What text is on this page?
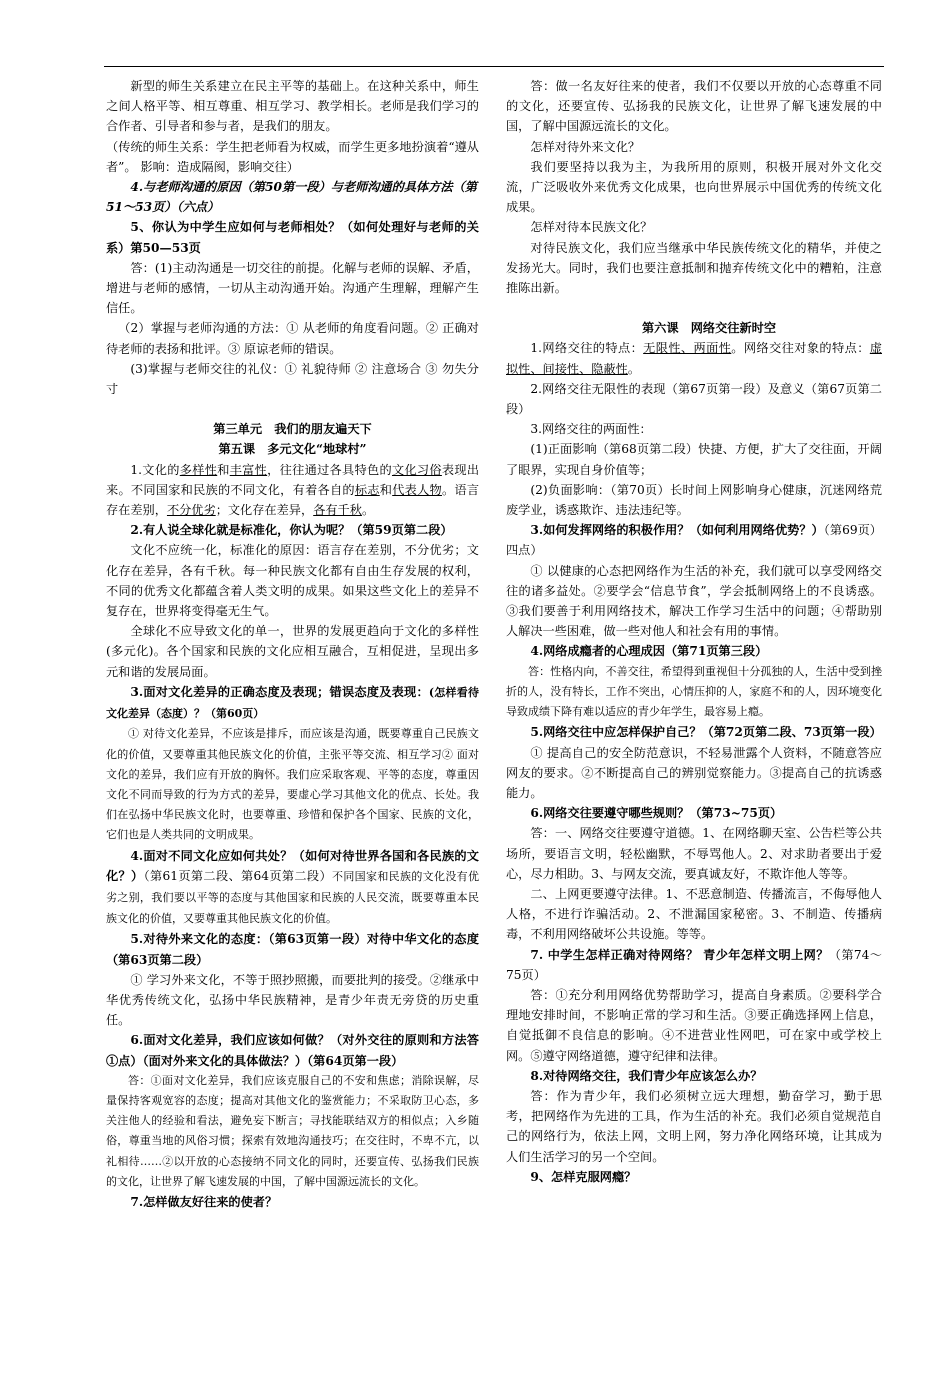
新型的师生关系建立在民主平等的基础上。在这种关系中，师生之间人格平等、相互尊重、相互学习、教学相长。老师是我们学习的合作者、引导者和参与者，是我们的朋友。

（传统的师生关系：学生把老师看为权威，而学生更多地扮演着“遵从者”。 影响：造成隔阂，影响交往）

4.与老师沟通的原因（第50第一段）与老师沟通的具体方法（第51～53页）（六点）

5、你认为中学生应如何与老师相处？（如何处理好与老师的关系）第50—53页

答：(1)主动沟通是一切交往的前提。化解与老师的误解、矛盾，增进与老师的感情，一切从主动沟通开始。沟通产生理解，理解产生信任。

（2）掌握与老师沟通的方法：① 从老师的角度看问题。② 正确对待老师的表扬和批评。③ 原谅老师的错误。

(3)掌握与老师交往的礼仪：① 礼貌待师 ② 注意场合 ③ 勿失分寸

第三单元　我们的朋友遍天下

第五课　多元文化“地球村”

1.文化的多样性和丰富性，往往通过各具特色的文化习俗表现出来。不同国家和民族的不同文化，有着各自的标志和代表人物。语言存在差别，不分优劣；文化存在差异，各有千秋。

2.有人说全球化就是标准化，你认为呢？（第59页第二段）

文化不应统一化，标准化的原因：语言存在差别，不分优劣；文化存在差异，各有千秋。每一种民族文化都有自由生存发展的权利，不同的优秀文化都蕴含着人类文明的成果。如果这些文化上的差异不复存在，世界将变得毫无生气。

全球化不应导致文化的单一，世界的发展更趋向于文化的多样性(多元化)。各个国家和民族的文化应相互融合，互相促进，呈现出多元和谐的发展局面。

3.面对文化差异的正确态度及表现；错误态度及表现：(怎样看待文化差异（态度）？（第60页）

① 对待文化差异，不应该是排斥，而应该是沟通，既要尊重自己民族文化的价值，又要尊重其他民族文化的价值，主张平等交流、相互学习② 面对文化的差异，我们应有开放的胸怀。我们应采取客观、平等的态度，尊重因文化不同而导致的行为方式的差异，要虚心学习其他文化的优点、长处。我们在弘扬中华民族文化时，也要尊重、珍惜和保护各个国家、民族的文化，它们也是人类共同的文明成果。

4.面对不同文化应如何共处？（如何对待世界各国和各民族的文化？）（第61页第二段、第64页第二段）不同国家和民族的文化没有优劣之别，我们要以平等的态度与其他国家和民族的人民交流，既要尊重本民族文化的价值，又要尊重其他民族文化的价值。

5.对待外来文化的态度：（第63页第一段）对待中华文化的态度（第63页第二段）

① 学习外来文化，不等于照抄照搬，而要批判的接受。②继承中华优秀传统文化，弘扬中华民族精神，是青少年责无旁贷的历史重任。

6.面对文化差异，我们应该如何做？（对外交往的原则和方法答①点）（面对外来文化的具体做法？）（第64页第一段）

答：①面对文化差异，我们应该克服自己的不安和焦虑；消除误解，尽量保持客观宽容的态度；提高对其他文化的鉴赏能力；不采取防卫心态，多关注他人的经验和看法，避免妄下断言；寻找能联结双方的相似点；入乡随俗，尊重当地的风俗习惯；探索有效地沟通技巧；在交往时，不卑不亢，以礼相待……②以开放的心态接纳不同文化的同时，还要宣传、弘扬我们民族的文化，让世界了解飞速发展的中国，了解中国源远流长的文化。

7.怎样做友好往来的使者？

答：做一名友好往来的使者，我们不仅要以开放的心态尊重不同的文化，还要宣传、弘扬我的民族文化，让世界了解飞速发展的中国，了解中国源远流长的文化。

怎样对待外来文化？

我们要坚持以我为主，为我所用的原则，积极开展对外文化交流，广泛吸收外来优秀文化成果，也向世界展示中国优秀的传统文化成果。

怎样对待本民族文化？

对待民族文化，我们应当继承中华民族传统文化的精华，并使之发扬光大。同时，我们也要注意抵制和抛弃传统文化中的糟粕，注意推陈出新。

第六课　网络交往新时空

1.网络交往的特点：无限性、两面性。网络交往对象的特点：虚拟性、间接性、隐蔽性。

2.网络交往无限性的表现（第67页第一段）及意义（第67页第二段）

3.网络交往的两面性：

(1)正面影响（第68页第二段）快捷、方便，扩大了交往面，开阔了眼界，实现自身价值等；

(2)负面影响：（第70页）长时间上网影响身心健康，沉迷网络荒废学业，诱惑欺诈、违法违纪等。

3.如何发挥网络的积极作用？（如何利用网络优势？）（第69页）四点）

① 以健康的心态把网络作为生活的补充，我们就可以享受网络交往的诸多益处。②要学会“信息节食”，学会抵制网络上的不良诱惑。③我们要善于利用网络技术，解决工作学习生活中的问题；④帮助别人解决一些困难，做一些对他人和社会有用的事情。

4.网络成瘾者的心理成因（第71页第三段）

答：性格内向，不善交往，希望得到重视但十分孤独的人，生活中受到挫折的人，没有特长，工作不突出，心情压抑的人，家庭不和的人，因环境变化导致成绩下降有难以适应的青少年学生，最容易上瘾。

5.网络交往中应怎样保护自己？（第72页第二段、73页第一段）

① 提高自己的安全防范意识，不轻易泄露个人资料，不随意答应网友的要求。②不断提高自己的辨别觉察能力。③提高自己的抗诱惑能力。

6.网络交往要遵守哪些规则？（第73~75页）

答：一、网络交往要遵守道德。1、在网络聊天室、公告栏等公共场所，要语言文明，轻松幽默，不辱骂他人。2、对求助者要出于爱心，尽力相助。3、与网友交流，要真诚友好，不欺诈他人等等。

二、上网更要遵守法律。1、不恶意制造、传播流言，不侮辱他人人格，不进行诈骗活动。2、不泄漏国家秘密。3、不制造、传播病毒，不利用网络破坏公共设施。等等。

7. 中学生怎样正确对待网络？ 青少年怎样文明上网？（第74～75页）

答：①充分利用网络优势帮助学习，提高自身素质。②要科学合理地安排时间，不影响正常的学习和生活。③要正确选择网上信息，自觉抵御不良信息的影响。④不进营业性网吧，可在家中或学校上网。⑤遵守网络道德，遵守纪律和法律。

8.对待网络交往，我们青少年应该怎么办？

答：作为青少年，我们必须树立远大理想，勤奋学习，勤于思考，把网络作为先进的工具，作为生活的补充。我们必须自觉规范自己的网络行为，依法上网，文明上网，努力净化网络环境，让其成为人们生活学习的另一个空间。

9、怎样克服网瘾？
